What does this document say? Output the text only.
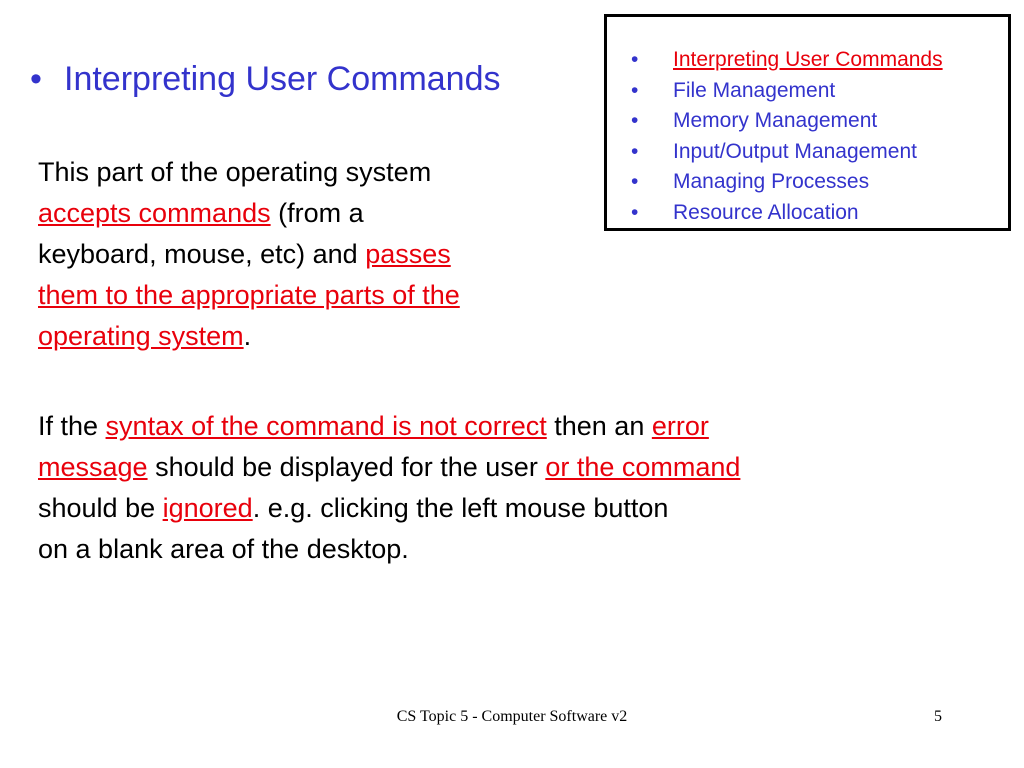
• Interpreting User Commands
• Interpreting User Commands
• File Management
• Memory Management
• Input/Output Management
• Managing Processes
• Resource Allocation
This part of the operating system
accepts commands (from a
keyboard, mouse, etc) and passes
them to the appropriate parts of the
operating system.
If the syntax of the command is not correct then an error
message should be displayed for the user or the command
should be ignored. e.g. clicking the left mouse button
on a blank area of the desktop.
CS Topic 5 - Computer Software v2	5
